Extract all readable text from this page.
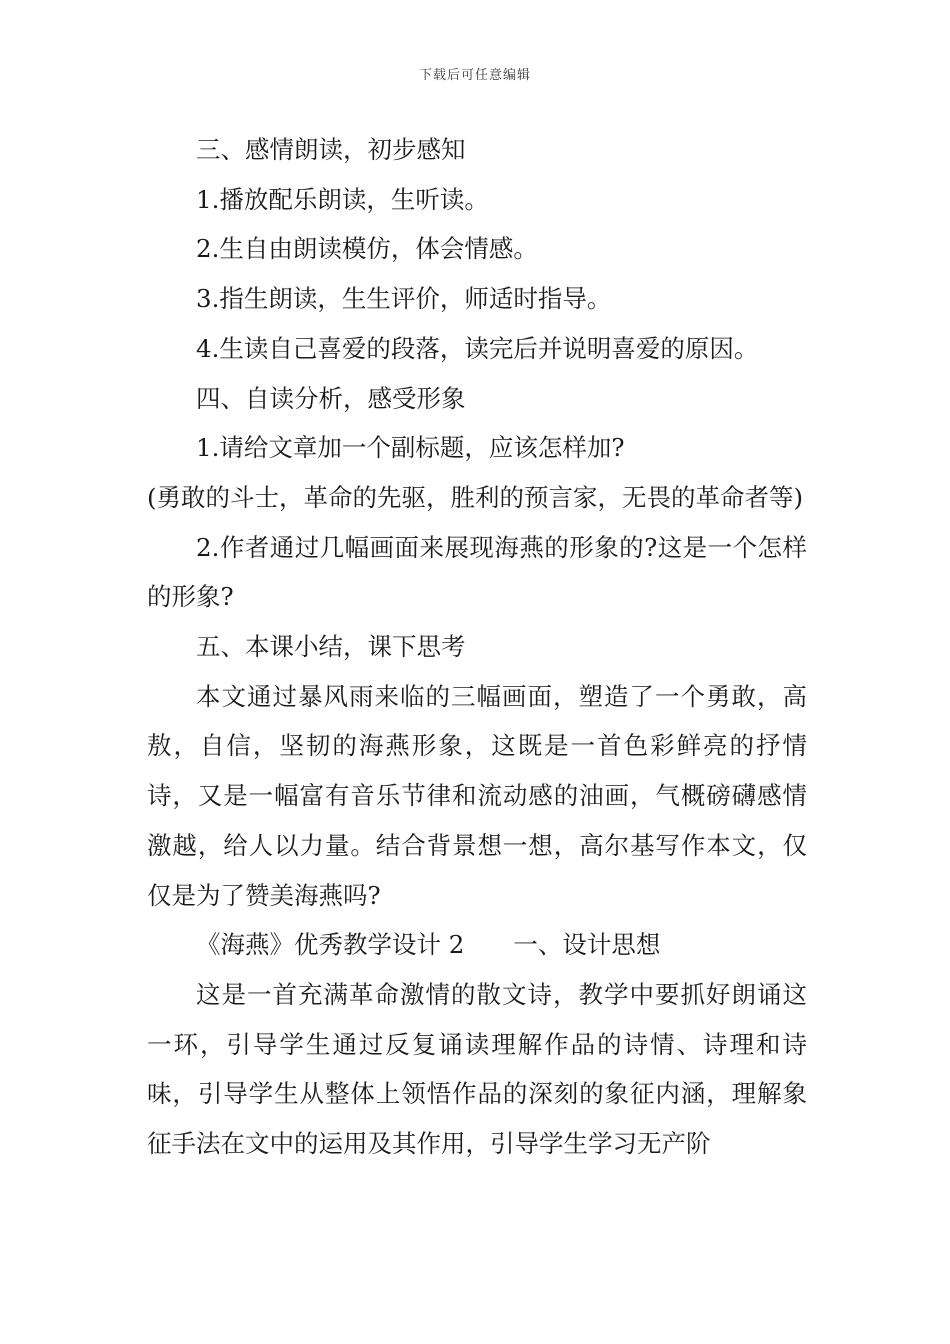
下载后可任意编辑

三、感情朗读，初步感知

1.播放配乐朗读，生听读。

2.生自由朗读模仿，体会情感。

3.指生朗读，生生评价，师适时指导。

4.生读自己喜爱的段落，读完后并说明喜爱的原因。

四、自读分析，感受形象

1.请给文章加一个副标题，应该怎样加?

(勇敢的斗士，革命的先驱，胜利的预言家，无畏的革命者等)

2.作者通过几幅画面来展现海燕的形象的?这是一个怎样的形象?

五、本课小结，课下思考

本文通过暴风雨来临的三幅画面，塑造了一个勇敢，高敖，自信，坚韧的海燕形象，这既是一首色彩鲜亮的抒情诗，又是一幅富有音乐节律和流动感的油画，气概磅礴感情激越，给人以力量。结合背景想一想，高尔基写作本文，仅仅是为了赞美海燕吗?

《海燕》优秀教学设计 2　　一、设计思想

这是一首充满革命激情的散文诗，教学中要抓好朗诵这一环，引导学生通过反复诵读理解作品的诗情、诗理和诗味，引导学生从整体上领悟作品的深刻的象征内涵，理解象征手法在文中的运用及其作用，引导学生学习无产阶
